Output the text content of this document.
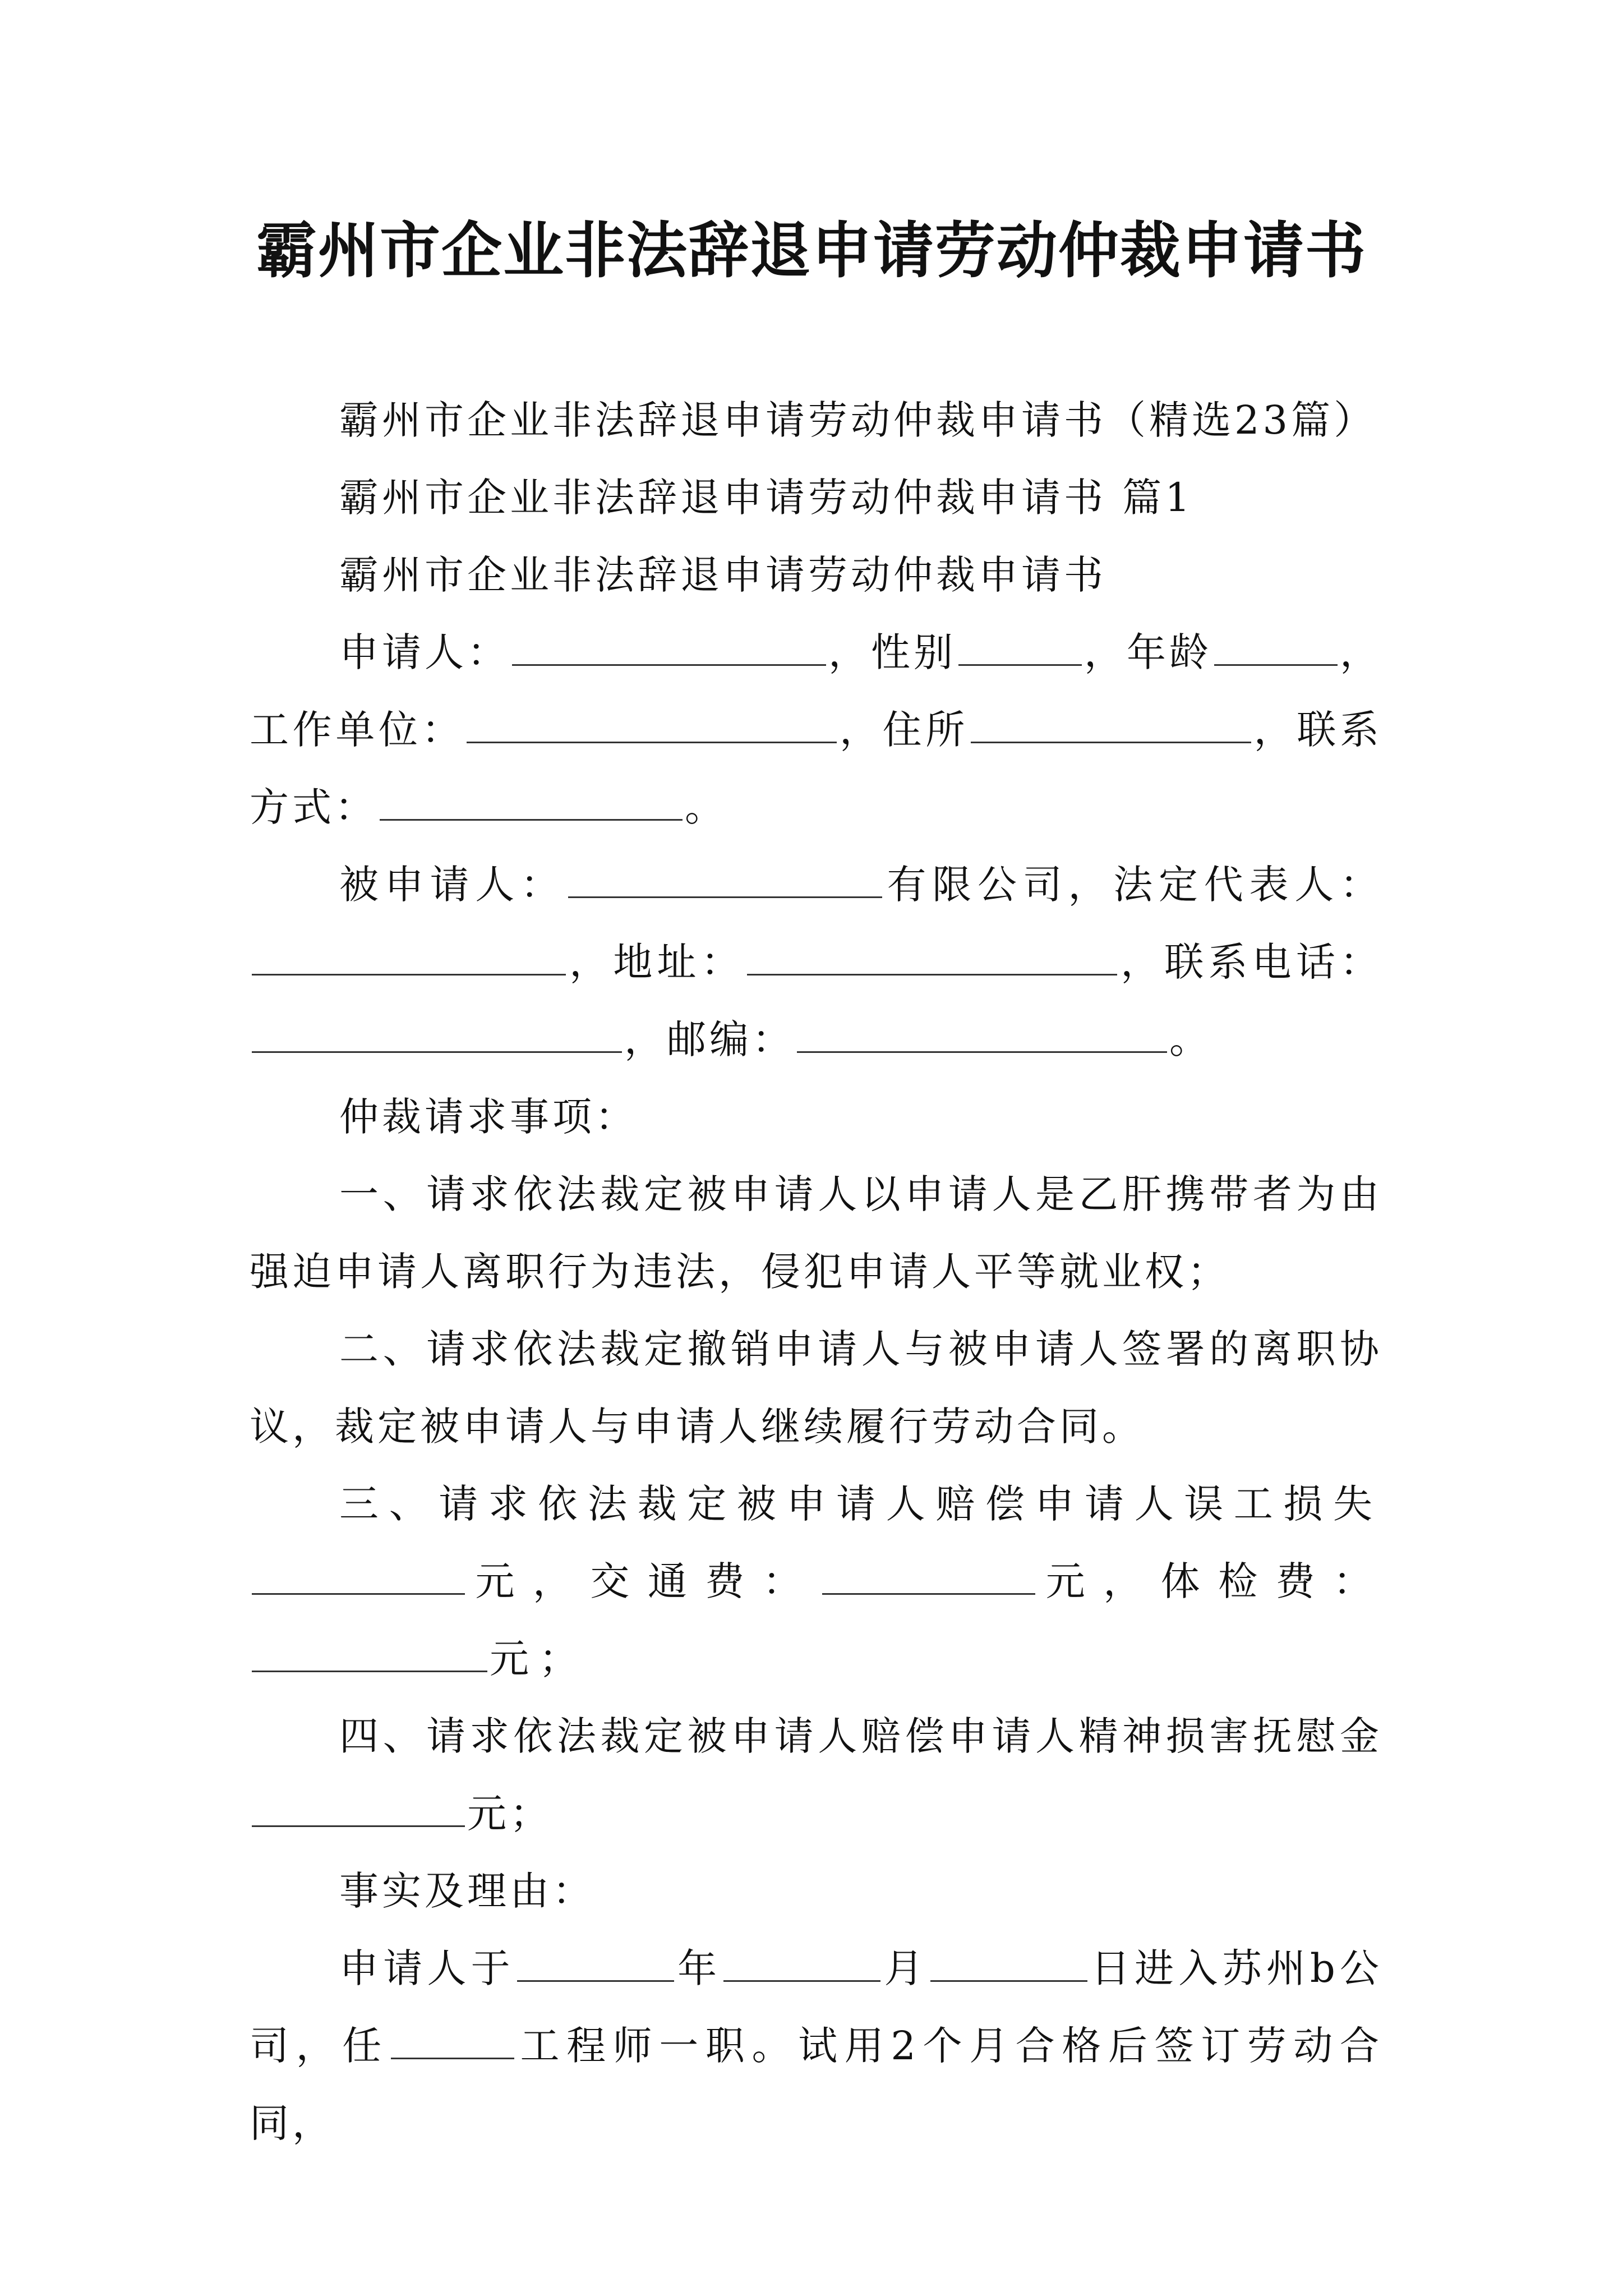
霸州市企业非法辞退申请劳动仲裁申请书

霸州市企业非法辞退申请劳动仲裁申请书（精选23篇）

霸州市企业非法辞退申请劳动仲裁申请书 篇1

霸州市企业非法辞退申请劳动仲裁申请书

申请人：	，性别	，年龄	，工作单位：	，住所	，联系方式：	。

被申请人：	有限公司，法定代表人：，地址：	，联系电话：，邮编：	。

仲裁请求事项：

一、请求依法裁定被申请人以申请人是乙肝携带者为由强迫申请人离职行为违法，侵犯申请人平等就业权；

二、请求依法裁定撤销申请人与被申请人签署的离职协议，裁定被申请人与申请人继续履行劳动合同。

三、请求依法裁定被申请人赔偿申请人误工损失元，交通费：	元，体检费：元；

四、请求依法裁定被申请人赔偿申请人精神损害抚慰金元；

事实及理由：

申请人于	年	月	日进入苏州b公司，任	工程师一职。试用2个月合格后签订劳动合同，
